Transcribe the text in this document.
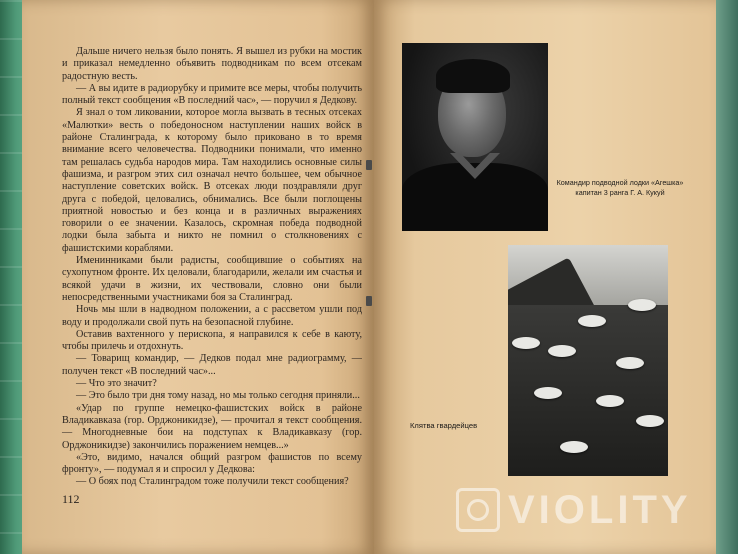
Дальше ничего нельзя было понять. Я вышел из рубки на мостик и приказал немедленно объявить подводникам по всем отсекам радостную весть.

— А вы идите в радиорубку и примите все меры, чтобы получить полный текст сообщения «В последний час», — поручил я Дедкову.

Я знал о том ликовании, которое могла вызвать в тесных отсеках «Малютки» весть о победоносном наступлении наших войск в районе Сталинграда, к которому было приковано в то время внимание всего человечества. Подводники понимали, что именно там решалась судьба народов мира. Там находились основные силы фашизма, и разгром этих сил означал нечто большее, чем обычное наступление советских войск. В отсеках люди поздравляли друг друга с победой, целовались, обнимались. Все были поглощены приятной новостью и без конца и в различных выражениях говорили о ее значении. Казалось, скромная победа подводной лодки была забыта и никто не помнил о столкновениях с фашистскими кораблями.

Именинниками были радисты, сообщившие о событиях на сухопутном фронте. Их целовали, благодарили, желали им счастья и всякой удачи в жизни, их чествовали, словно они были непосредственными участниками боя за Сталинград.

Ночь мы шли в надводном положении, а с рассветом ушли под воду и продолжали свой путь на безопасной глубине.

Оставив вахтенного у перископа, я направился к себе в каюту, чтобы прилечь и отдохнуть.

— Товарищ командир, — Дедков подал мне радиограмму, — получен текст «В последний час»...

— Что это значит?

— Это было три дня тому назад, но мы только сегодня приняли...

«Удар по группе немецко-фашистских войск в районе Владикавказа (гор. Орджоникидзе), — прочитал я текст сообщения. — Многодневные бои на подступах к Владикавказу (гор. Орджоникидзе) закончились поражением немцев...»

«Это, видимо, начался общий разгром фашистов по всему фронту», — подумал я и спросил у Дедкова:

— О боях под Сталинградом тоже получили текст сообщения?

112
Командир подводной лодки «Агешка» капитан 3 ранга Г. А. Кукуй
Клятва гвардейцев
VIOLITY
